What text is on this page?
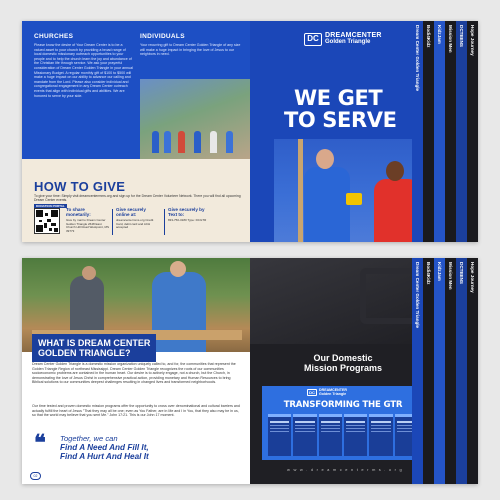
CHURCHES
Please know the desire of Your Dream Center is to be a valued asset to your church by providing a broad range of local domestic missionary outreach opportunities to your people and to help the church learn the joy and abundance of the Christian life through service. We ask your prayerful consideration of Dream Center Golden Triangle in your annual Missionary Budget. A regular monthly gift of $100 to $500 will make a huge impact on our ability to advance our calling and mandate from the Lord. Please also consider individual and congregational engagement in any Dream Center outreach events that align with individual gifts and abilities. We are honored to serve by your side.
INDIVIDUALS
Your recurring gift to Dream Center Golden Triangle of any size will make a huge impact in bringing the love of Jesus to our neighbors in need.
HOW TO GIVE
To give your time: Simply visit dreamcentermms.org and sign up for the Dream Center Volunteer Network. There you will find all upcoming Dream Center events.
DONATION PORTAL
To share monetarily:
Give by mail to Dream Center Golden Triangle 2648 East Church Hill Road Westpoint, MS 39773
Give securely online at:
dreamcentermms.org Credit Card, debit card and ACH accepted
Give securely by Text to:
833-750-3180 Type: DCGTR
DC DREAMCENTER
Golden Triangle
WE GET
TO SERVE
Hope Journey
DCTEENS
Mission Men
KidzJam
Bodi4Kidz
Dream Center Golden Triangle
WHAT IS DREAM CENTER
GOLDEN TRIANGLE?
Dream Center Golden Triangle is a domestic mission organization uniquely called to, and for, the communities that represent the Golden Triangle Region of northeast Mississippi. Dream Center Golden Triangle recognizes the roots of our communities socioeconomic problems are contained in the human heart. Our desire is to actively engage, not a church, but the Church, in demonstrating the love of Jesus Christ in comprehensive practical action, providing monetary and Human Resources to bring Biblical solutions to our communities deepest challenges resulting in changed lives and transformed neighborhoods.
Our time tested and proven domestic mission programs offer the opportunity to cross over denominational and cultural barriers and actually fulfill the heart of Jesus "That they may all be one; even as You Father, are in Me and I in You, that they also may be in us, so that the world may believe that you sent Me." John 17:21. This is our John 17 moment.
❝ Together, we can
Find A Need And Fill It,
Find A Hurt And Heal It
02
Our Domestic
Mission Programs
DC
DREAMCENTER
Golden Triangle
TRANSFORMING THE GTR
w w w . d r e a m c e n t e r m s . o r g
Hope Journey
DCTEENS
Mission Men
KidzJam
Bodi4Kidz
Dream Center Golden Triangle
